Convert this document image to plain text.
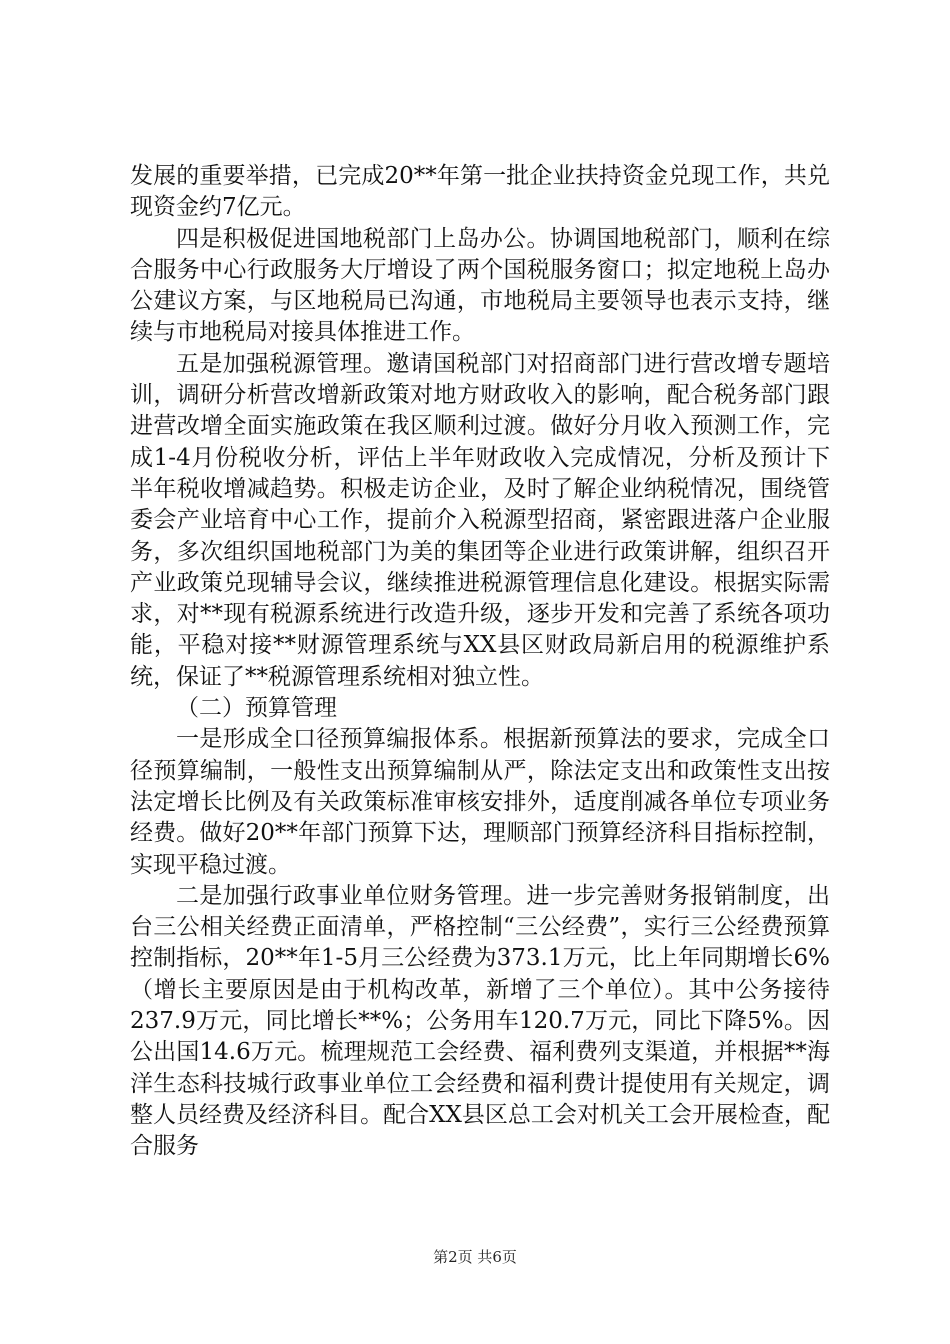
发展的重要举措，已完成20**年第一批企业扶持资金兑现工作，共兑现资金约7亿元。

四是积极促进国地税部门上岛办公。协调国地税部门，顺利在综合服务中心行政服务大厅增设了两个国税服务窗口；拟定地税上岛办公建议方案，与区地税局已沟通，市地税局主要领导也表示支持，继续与市地税局对接具体推进工作。

五是加强税源管理。邀请国税部门对招商部门进行营改增专题培训，调研分析营改增新政策对地方财政收入的影响，配合税务部门跟进营改增全面实施政策在我区顺利过渡。做好分月收入预测工作，完成1-4月份税收分析，评估上半年财政收入完成情况，分析及预计下半年税收增减趋势。积极走访企业，及时了解企业纳税情况，围绕管委会产业培育中心工作，提前介入税源型招商，紧密跟进落户企业服务，多次组织国地税部门为美的集团等企业进行政策讲解，组织召开产业政策兑现辅导会议，继续推进税源管理信息化建设。根据实际需求，对**现有税源系统进行改造升级，逐步开发和完善了系统各项功能，平稳对接**财源管理系统与XX县区财政局新启用的税源维护系统，保证了**税源管理系统相对独立性。

（二）预算管理

一是形成全口径预算编报体系。根据新预算法的要求，完成全口径预算编制，一般性支出预算编制从严，除法定支出和政策性支出按法定增长比例及有关政策标准审核安排外，适度削减各单位专项业务经费。做好20**年部门预算下达，理顺部门预算经济科目指标控制，实现平稳过渡。

二是加强行政事业单位财务管理。进一步完善财务报销制度，出台三公相关经费正面清单，严格控制“三公经费”，实行三公经费预算控制指标，20**年1-5月三公经费为373.1万元，比上年同期增长6%（增长主要原因是由于机构改革，新增了三个单位）。其中公务接待237.9万元，同比增长**%；公务用车120.7万元，同比下降5%。因公出国14.6万元。梳理规范工会经费、福利费列支渠道，并根据**海洋生态科技城行政事业单位工会经费和福利费计提使用有关规定，调整人员经费及经济科目。配合XX县区总工会对机关工会开展检查，配合服务

第2页 共6页
